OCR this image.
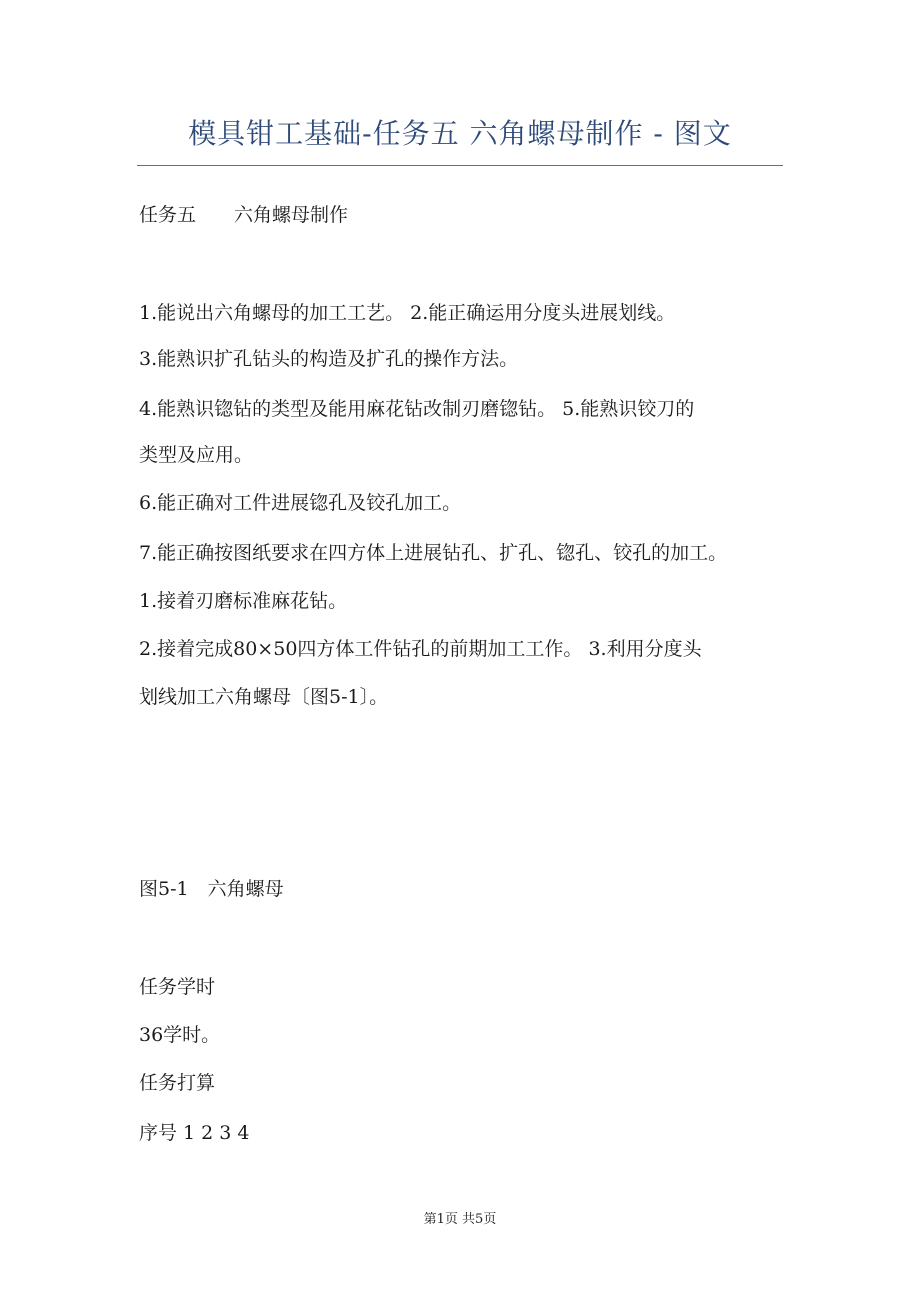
模具钳工基础-任务五 六角螺母制作 - 图文
任务五　　六角螺母制作
1.能说出六角螺母的加工工艺。 2.能正确运用分度头进展划线。
3.能熟识扩孔钻头的构造及扩孔的操作方法。
4.能熟识锪钻的类型及能用麻花钻改制刃磨锪钻。 5.能熟识铰刀的
类型及应用。
6.能正确对工件进展锪孔及铰孔加工。
7.能正确按图纸要求在四方体上进展钻孔、扩孔、锪孔、铰孔的加工。
1.接着刃磨标准麻花钻。
2.接着完成80×50四方体工件钻孔的前期加工工作。 3.利用分度头
划线加工六角螺母〔图5-1〕。
图5-1　六角螺母
任务学时
36学时。
任务打算
序号 1 2 3 4
第1页 共5页
